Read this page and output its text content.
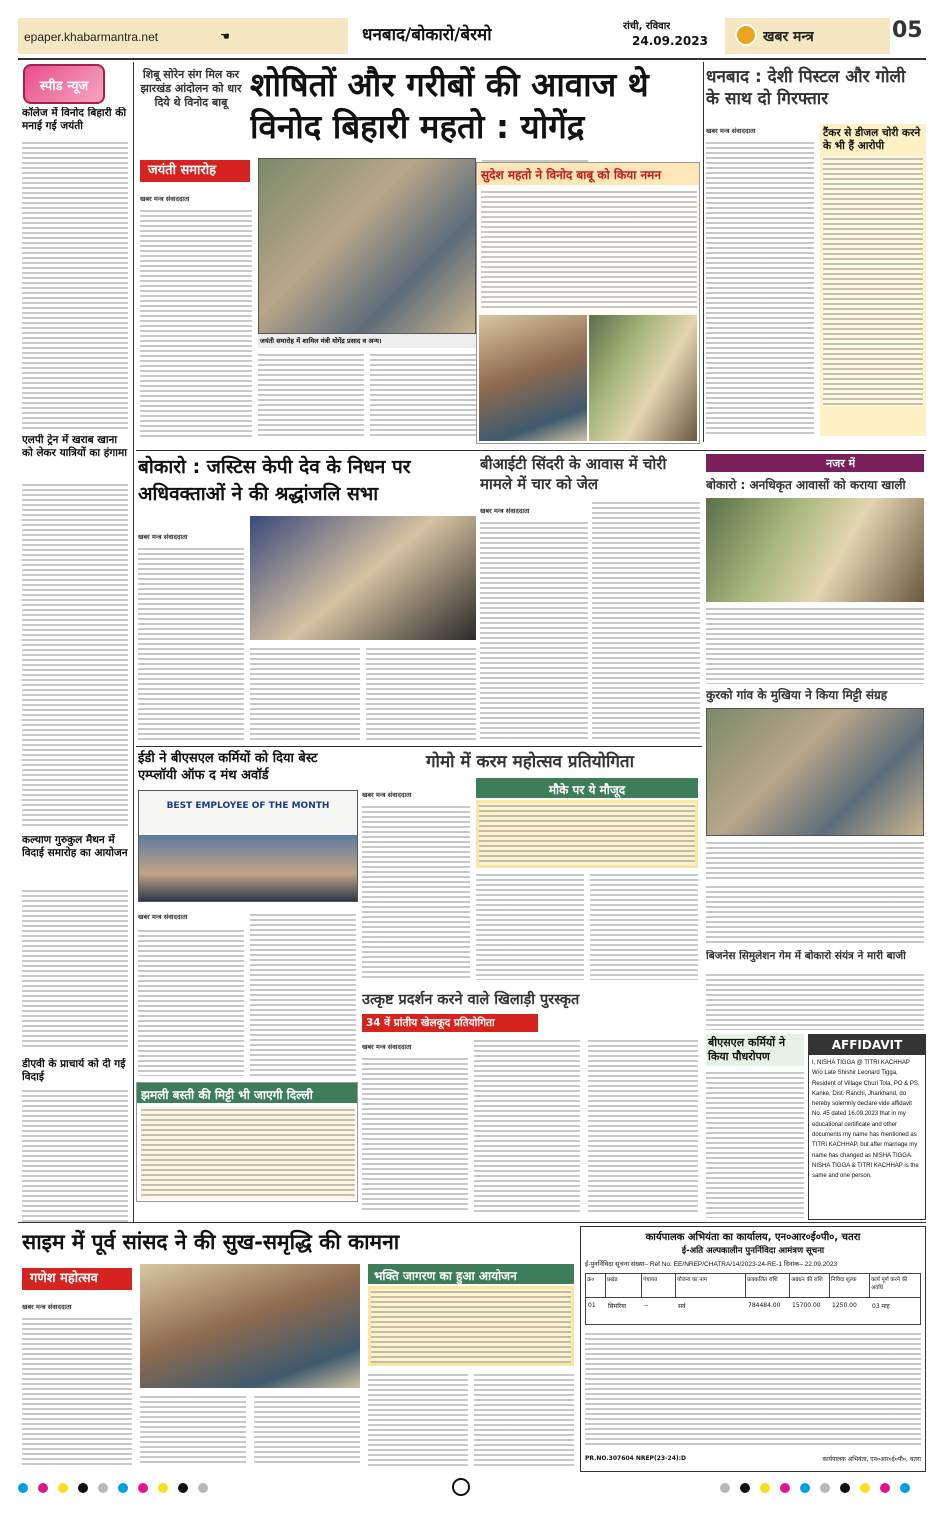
epaper.khabarmantra.net	☚	धनबाद/बोकारो/बेरमो	रांची, रविवार
24.09.2023	खबर मन्त्र	05
स्पीड न्यूज
कॉलेज में विनोद बिहारी की मनाई गई जयंती
एलपी ट्रेन में खराब खाना को लेकर यात्रियों का हंगामा
कल्याण गुरुकुल मैथन में विदाई समारोह का आयोजन
डीएवी के प्राचार्य को दी गई विदाई
शिबू सोरेन संग मिल कर झारखंड आंदोलन को धार दिये थे विनोद बाबू शोषितों और गरीबों की आवाज थे विनोद बिहारी महतो : योगेंद्र
जयंती समारोह
खबर मन्त्र संवाददाता
जयंती समारोह में शामिल मंत्री योगेंद्र प्रसाद व अन्य।
सुदेश महतो ने विनोद बाबू को किया नमन
धनबाद : देशी पिस्टल और गोली के साथ दो गिरफ्तार
खबर मन्त्र संवाददाता	टैंकर से डीजल चोरी करने के भी हैं आरोपी
बोकारो : जस्टिस केपी देव के निधन पर अधिवक्ताओं ने की श्रद्धांजलि सभा
खबर मन्त्र संवाददाता
बीआईटी सिंदरी के आवास में चोरी मामले में चार को जेल
खबर मन्त्र संवाददाता
नजर में
बोकारो : अनधिकृत आवासों को कराया खाली
कुरको गांव के मुखिया ने किया मिट्टी संग्रह
ईडी ने बीएसएल कर्मियों को दिया बेस्ट एम्प्लॉयी ऑफ द मंथ अवॉर्ड
BEST EMPLOYEE OF THE MONTH
खबर मन्त्र संवाददाता
गोमो में करम महोत्सव प्रतियोगिता
खबर मन्त्र संवाददाता	मौके पर ये मौजूद
बिजनेस सिमुलेशन गेम में बोकारो संयंत्र ने मारी बाजी
झमली बस्ती की मिट्टी भी जाएगी दिल्ली
उत्कृष्ट प्रदर्शन करने वाले खिलाड़ी पुरस्कृत
34 वें प्रांतीय खेलकूद प्रतियोगिता
खबर मन्त्र संवाददाता	बीएसएल कर्मियों ने किया पौधरोपण
AFFIDAVIT
I, NISHA TIGGA @ TITRI KACHHAP W/o Late Shishir Leonard Tigga, Resident of Village Churi Tola, PO & PS. Kanke, Dist. Ranchi, Jharkhand, do hereby solemnly declare vide affidavit No. 45 dated 16.09.2023 that in my educational certificate and other documents my name has mentioned as TITRI KACHHAP, but after marriage my name has changed as NISHA TIGGA. NISHA TIGGA & TITRI KACHHAP is the same and one person.
साइम में पूर्व सांसद ने की सुख-समृद्धि की कामना
गणेश महोत्सव
खबर मन्त्र संवाददाता
भक्ति जागरण का हुआ आयोजन
कार्यपालक अभियंता का कार्यालय, एन०आर०ई०पी०, चतरा
ई-अति अल्पकालीन पुनर्निविदा आमंत्रण सूचना
ई-पुनर्निविदा सूचना संख्या– Ref No: EE/NREP/CHATRA/14/2023-24-RE-1 दिनांक– 22.09.2023
क्र०	प्रखंड	पंचायत	योजना का नाम	प्राक्कलित राशि	अग्रधन की राशि	निविदा शुल्क	कार्य पूर्ण करने की अवधि
01	सिमरिया	--	सर्व	784484.00	15700.00	1250.00	03 माह
PR.NO.307604 NREP(23-24):D	कार्यपालक अभियंता, एन०आर०ई०पी०, चतरा
